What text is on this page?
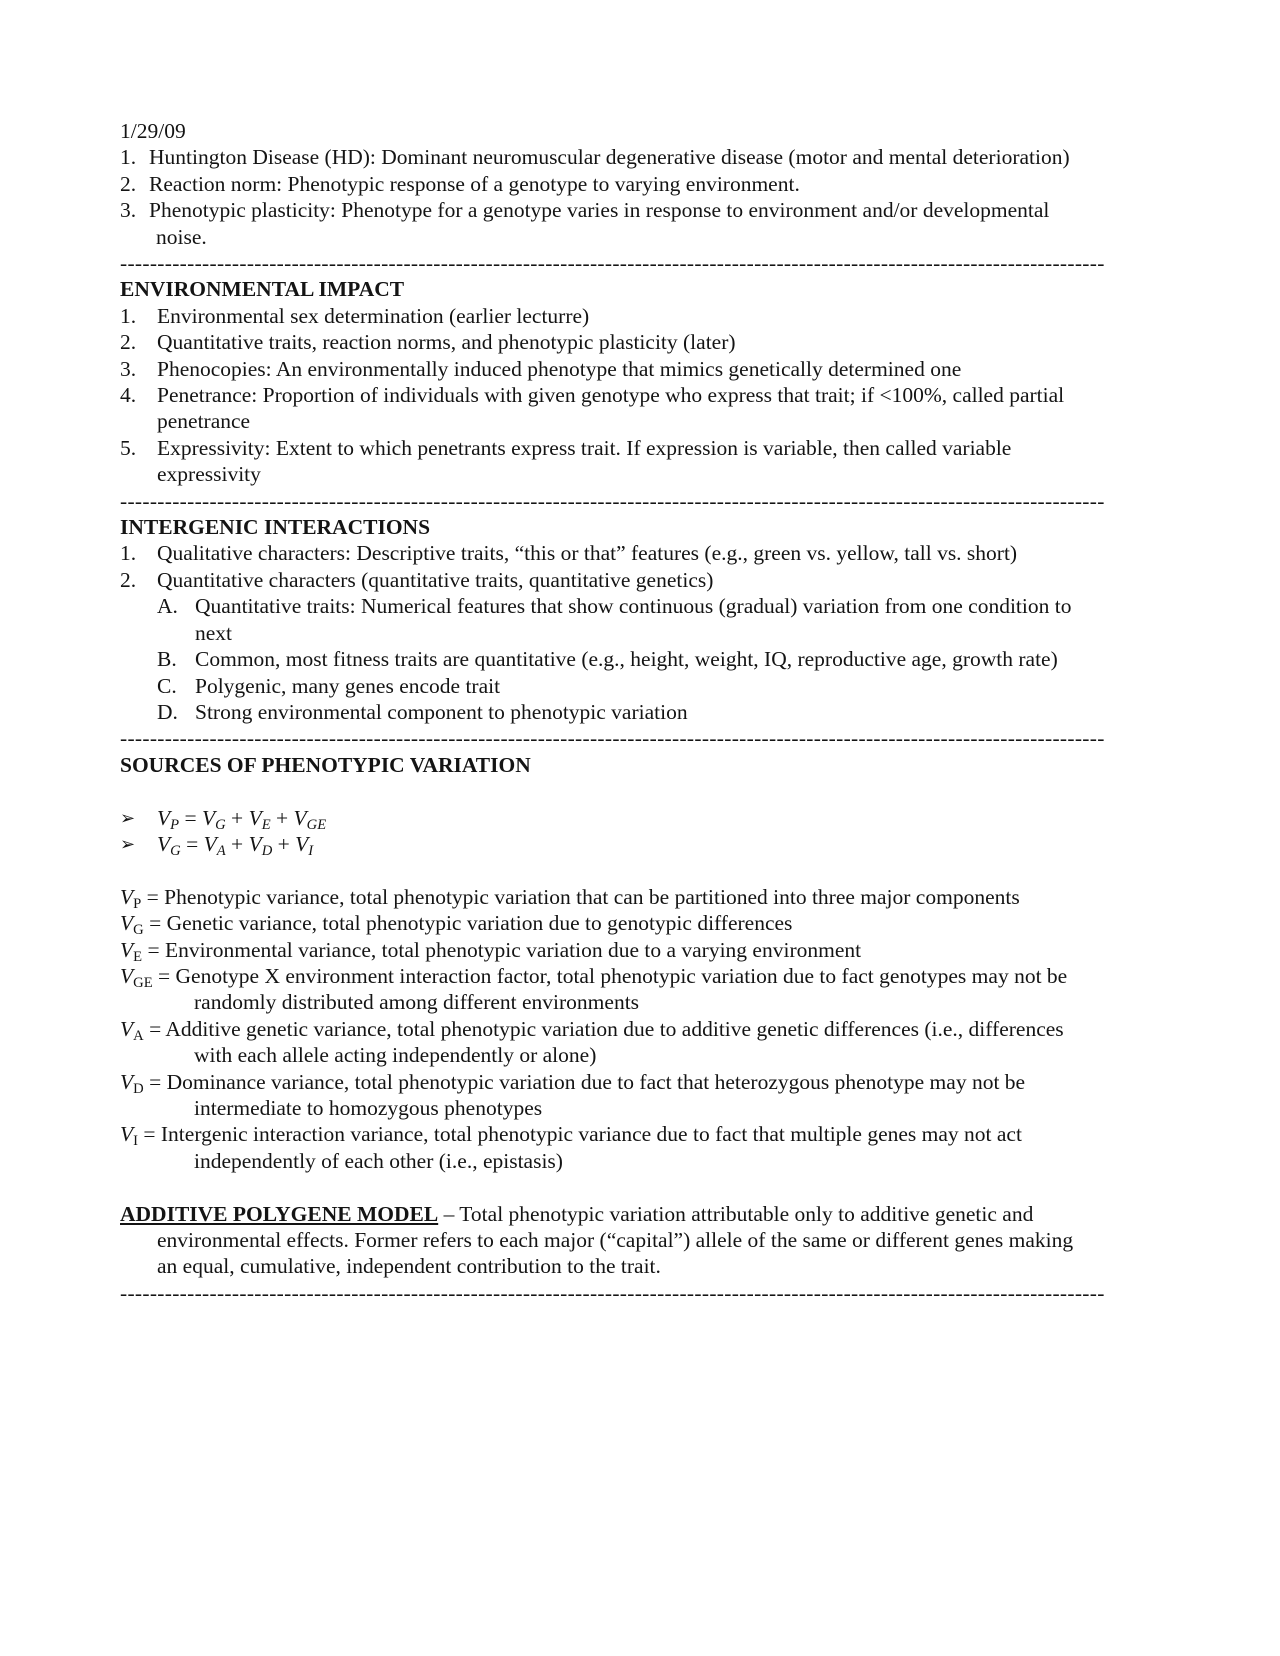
1/29/09
1. Huntington Disease (HD): Dominant neuromuscular degenerative disease (motor and mental deterioration)
2. Reaction norm: Phenotypic response of a genotype to varying environment.
3. Phenotypic plasticity: Phenotype for a genotype varies in response to environment and/or developmental
noise.
------------------------------------------------------------------------------------------------------------------------------------
ENVIRONMENTAL IMPACT
1. Environmental sex determination (earlier lecturre)
2. Quantitative traits, reaction norms, and phenotypic plasticity (later)
3. Phenocopies: An environmentally induced phenotype that mimics genetically determined one
4. Penetrance: Proportion of individuals with given genotype who express that trait; if <100%, called partial
penetrance
5. Expressivity: Extent to which penetrants express trait. If expression is variable, then called variable
expressivity
------------------------------------------------------------------------------------------------------------------------------------
INTERGENIC INTERACTIONS
1. Qualitative characters: Descriptive traits, “this or that” features (e.g., green vs. yellow, tall vs. short)
2. Quantitative characters (quantitative traits, quantitative genetics)
A. Quantitative traits: Numerical features that show continuous (gradual) variation from one condition to
next
B. Common, most fitness traits are quantitative (e.g., height, weight, IQ, reproductive age, growth rate)
C. Polygenic, many genes encode trait
D. Strong environmental component to phenotypic variation
------------------------------------------------------------------------------------------------------------------------------------
SOURCES OF PHENOTYPIC VARIATION
➢ VP = VG + VE + VGE
➢ VG = VA + VD + VI
VP = Phenotypic variance, total phenotypic variation that can be partitioned into three major components
VG = Genetic variance, total phenotypic variation due to genotypic differences
VE = Environmental variance, total phenotypic variation due to a varying environment
VGE = Genotype X environment interaction factor, total phenotypic variation due to fact genotypes may not be
randomly distributed among different environments
VA = Additive genetic variance, total phenotypic variation due to additive genetic differences (i.e., differences
with each allele acting independently or alone)
VD = Dominance variance, total phenotypic variation due to fact that heterozygous phenotype may not be
intermediate to homozygous phenotypes
VI = Intergenic interaction variance, total phenotypic variance due to fact that multiple genes may not act
independently of each other (i.e., epistasis)
ADDITIVE POLYGENE MODEL – Total phenotypic variation attributable only to additive genetic and
environmental effects. Former refers to each major (“capital”) allele of the same or different genes making
an equal, cumulative, independent contribution to the trait.
------------------------------------------------------------------------------------------------------------------------------------
